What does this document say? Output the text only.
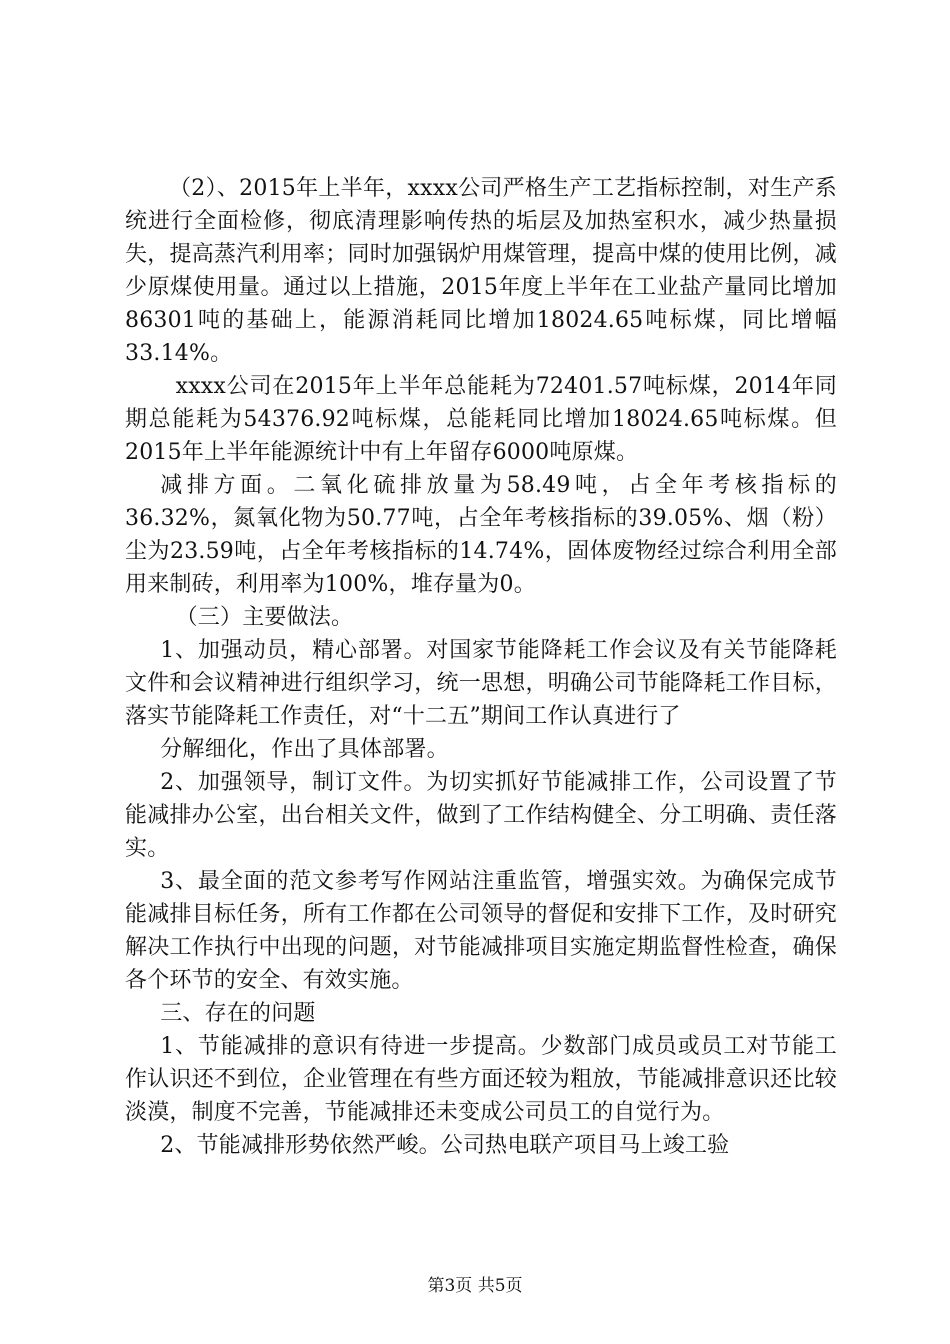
（2）、2015年上半年，xxxx公司严格生产工艺指标控制，对生产系统进行全面检修，彻底清理影响传热的垢层及加热室积水，减少热量损失，提高蒸汽利用率；同时加强锅炉用煤管理，提高中煤的使用比例，减少原煤使用量。通过以上措施，2015年度上半年在工业盐产量同比增加86301吨的基础上，能源消耗同比增加18024.65吨标煤，同比增幅33.14%。

xxxx公司在2015年上半年总能耗为72401.57吨标煤，2014年同期总能耗为54376.92吨标煤，总能耗同比增加18024.65吨标煤。但2015年上半年能源统计中有上年留存6000吨原煤。

减排方面。二氧化硫排放量为58.49吨，占全年考核指标的36.32%，氮氧化物为50.77吨，占全年考核指标的39.05%、烟（粉）尘为23.59吨，占全年考核指标的14.74%，固体废物经过综合利用全部用来制砖，利用率为100%，堆存量为0。

（三）主要做法。

1、加强动员，精心部署。对国家节能降耗工作会议及有关节能降耗文件和会议精神进行组织学习，统一思想，明确公司节能降耗工作目标，落实节能降耗工作责任，对“十二五”期间工作认真进行了

分解细化，作出了具体部署。

2、加强领导，制订文件。为切实抓好节能减排工作，公司设置了节能减排办公室，出台相关文件，做到了工作结构健全、分工明确、责任落实。

3、最全面的范文参考写作网站注重监管，增强实效。为确保完成节能减排目标任务，所有工作都在公司领导的督促和安排下工作，及时研究解决工作执行中出现的问题，对节能减排项目实施定期监督性检查，确保各个环节的安全、有效实施。

三、存在的问题

1、节能减排的意识有待进一步提高。少数部门成员或员工对节能工作认识还不到位，企业管理在有些方面还较为粗放，节能减排意识还比较淡漠，制度不完善，节能减排还未变成公司员工的自觉行为。

2、节能减排形势依然严峻。公司热电联产项目马上竣工验

第3页 共5页
